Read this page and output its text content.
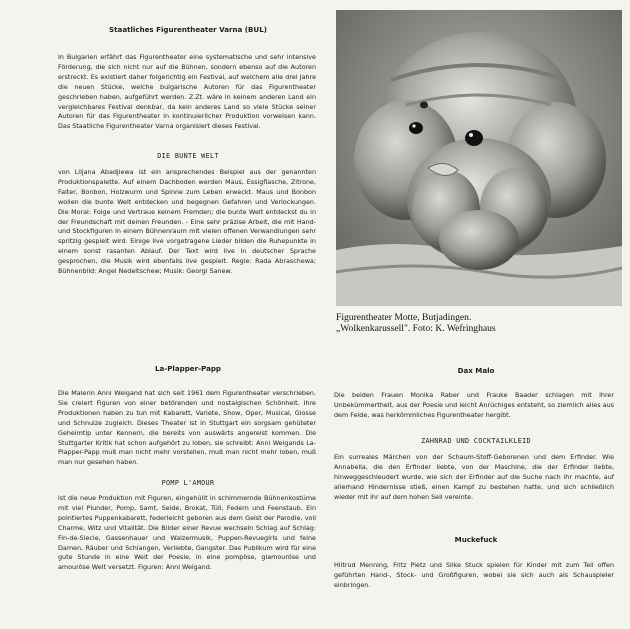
Staatliches Figurentheater Varna (BUL)
In Bulgarien erfährt das Figurentheater eine systematische und sehr intensive Förderung, die sich nicht nur auf die Bühnen, sondern ebenso auf die Autoren erstreckt. Es existiert daher folgerichtig ein Festival, auf welchem alle drei Jahre die neuen Stücke, welche bulgarische Autoren für das Figurentheater geschrieben haben, aufgeführt werden. Z.Zt. wäre in keinem anderen Land ein vergleichbares Festival denkbar, da kein anderes Land so viele Stücke seiner Autoren für das Figurentheater in kontinuierlicher Produktion vorweisen kann. Das Staatliche Figurentheater Varna organisiert dieses Festival.
DIE BUNTE WELT
von Liljana Abadjiewa ist ein ansprechendes Beispiel aus der genannten Produktionspalette. Auf einem Dachboden werden Maus, Essigflasche, Zitrone, Falter, Bonbon, Holzwurm und Spinne zum Leben erweckt. Maus und Bonbon wollen die bunte Welt entdecken und begegnen Gefahren und Verlockungen. Die Moral: Folge und Vertraue keinem Fremden; die bunte Welt entdeckst du in der Freundschaft mit deinen Freunden. - Eine sehr präzise Arbeit, die mit Hand- und Stockfiguren in einem Bühnenraum mit vielen offenen Verwandlungen sehr spritzig gespielt wird. Einige live vorgetragene Lieder bilden die Ruhepunkte in einem sonst rasanten Ablauf. Der Text wird live in deutscher Sprache gesprochen, die Musik wird ebenfalls live gespielt. Regie: Rada Abraschewa; Bühnenbild: Angel Nedeltschew; Musik: Georgi Sanew.
La-Plapper-Papp
Die Malerin Anni Weigand hat sich seit 1961 dem Figurentheater verschrieben. Sie creiert Figuren von einer betörenden und nostalgischen Schönheit. Ihre Produktionen haben zu tun mit Kabarett, Variete, Show, Oper, Musical, Glosse und Schnulze zugleich. Dieses Theater ist in Stuttgart ein sorgsam gehüteter Geheimtip unter Kennern, die bereits von auswärts angereist kommen. Die Stuttgarter Kritik hat schon aufgehört zu loben, sie schreibt: Anni Weigands La-Plapper-Papp muß man nicht mehr vorstellen, muß man nicht mehr loben, muß man nur gesehen haben.
POMP L'AMOUR
ist die neue Produktion mit Figuren, eingehüllt in schimmernde Bühnenkostüme mit viel Plunder, Pomp, Samt, Seide, Brokat, Tüll, Federn und Feenstaub. Ein pointiertes Puppenkabarett, federleicht geboren aus dem Geist der Parodie, voll Charme, Witz und Vitalität. Die Bilder einer Revue wechseln Schlag auf Schlag: Fin-de-Siecle, Gassenhauer und Walzermusik, Puppen-Revuegirls und feine Damen, Räuber und Schlangen, Verliebte, Gangster. Das Publikum wird für eine gute Stunde in eine Welt der Poesie, in eine pompöse, glamouröse und amouröse Welt versetzt. Figuren: Anni Weigand.
Figurentheater Motte, Butjadingen.
„Wolkenkarussell". Foto: K. Wefringhaus
Dax Malo
Die beiden Frauen Monika Raber und Frauke Baader schlagen mit ihrer Unbekümmertheit, aus der Poesie und leicht Anrüchiges entsteht, so ziemlich alles aus dem Felde, was herkömmliches Figurentheater hergibt.
ZAHNRAD UND COCKTAILKLEID
Ein surreales Märchen von der Schaum-Stoff-Geborenen und dem Erfinder. Wie Annabella, die den Erfinder liebte, von der Maschine, die der Erfinder liebte, hinweggeschleudert wurde, wie sich der Erfinder auf die Suche nach ihr machte, auf allerhand Hindernisse stieß, einen Kampf zu bestehen hatte, und sich schließlich wieder mit ihr auf dem hohen Seil vereinte.
Muckefuck
Hiltrud Menning, Fritz Pietz und Silke Stuck spielen für Kinder mit zum Teil offen geführten Hand-, Stock- und Großfiguren, wobei sie sich auch als Schauspieler einbringen.
